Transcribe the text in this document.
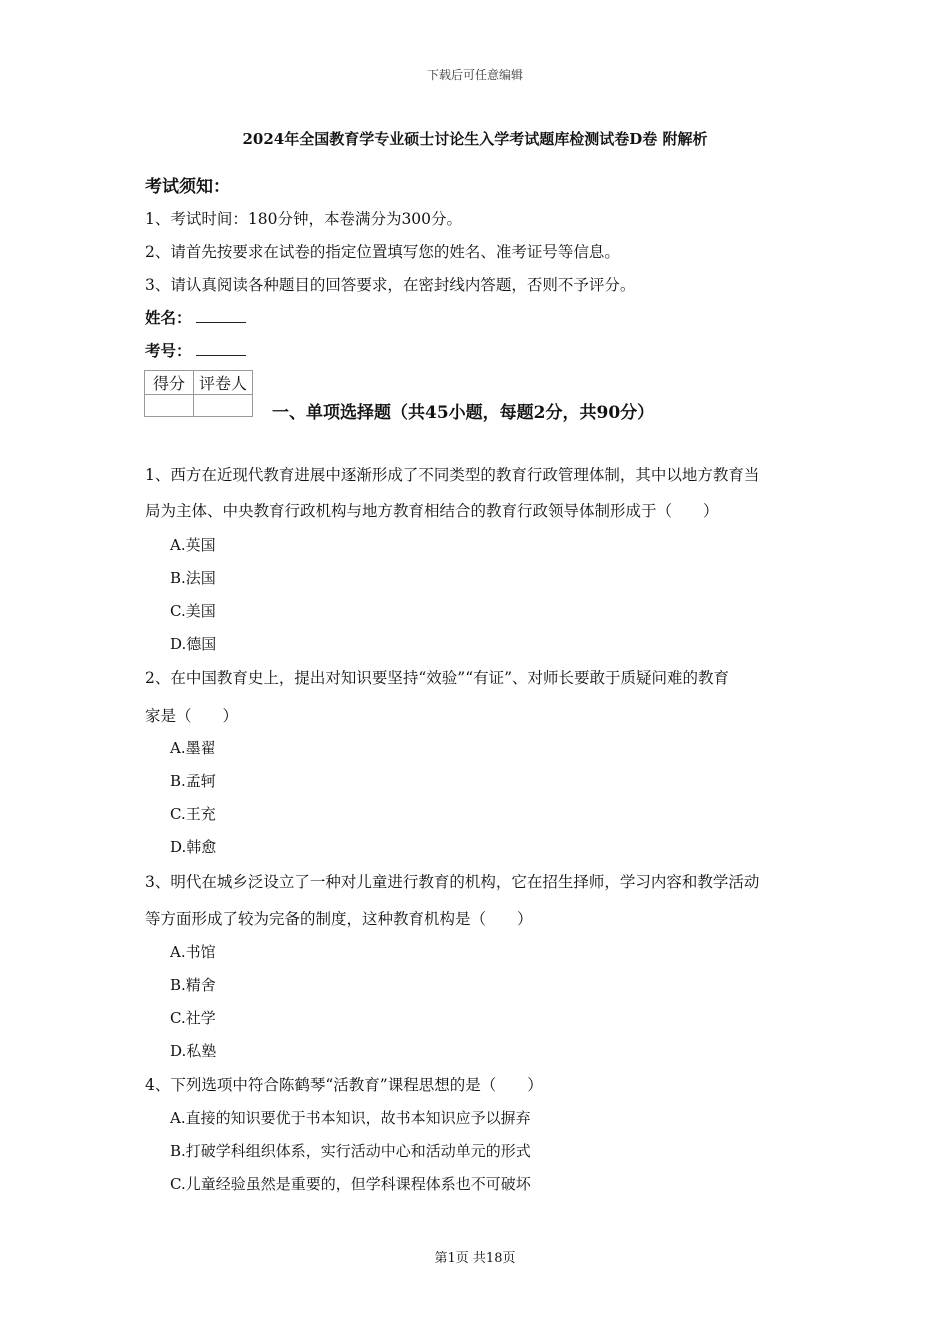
下载后可任意编辑
2024年全国教育学专业硕士讨论生入学考试题库检测试卷D卷 附解析
考试须知：
1、考试时间：180分钟，本卷满分为300分。
2、请首先按要求在试卷的指定位置填写您的姓名、准考证号等信息。
3、请认真阅读各种题目的回答要求，在密封线内答题，否则不予评分。
姓名：
考号：
得分	评卷人

一、单项选择题（共45小题，每题2分，共90分）
1、西方在近现代教育进展中逐渐形成了不同类型的教育行政管理体制，其中以地方教育当
局为主体、中央教育行政机构与地方教育相结合的教育行政领导体制形成于（　　）
A.英国
B.法国
C.美国
D.德国
2、在中国教育史上，提出对知识要坚持“效验”“有证”、对师长要敢于质疑问难的教育
家是（　　）
A.墨翟
B.孟轲
C.王充
D.韩愈
3、明代在城乡泛设立了一种对儿童进行教育的机构，它在招生择师，学习内容和教学活动
等方面形成了较为完备的制度，这种教育机构是（　　）
A.书馆
B.精舍
C.社学
D.私塾
4、下列选项中符合陈鹤琴“活教育”课程思想的是（　　）
A.直接的知识要优于书本知识，故书本知识应予以摒弃
B.打破学科组织体系，实行活动中心和活动单元的形式
C.儿童经验虽然是重要的，但学科课程体系也不可破坏
第1页 共18页
